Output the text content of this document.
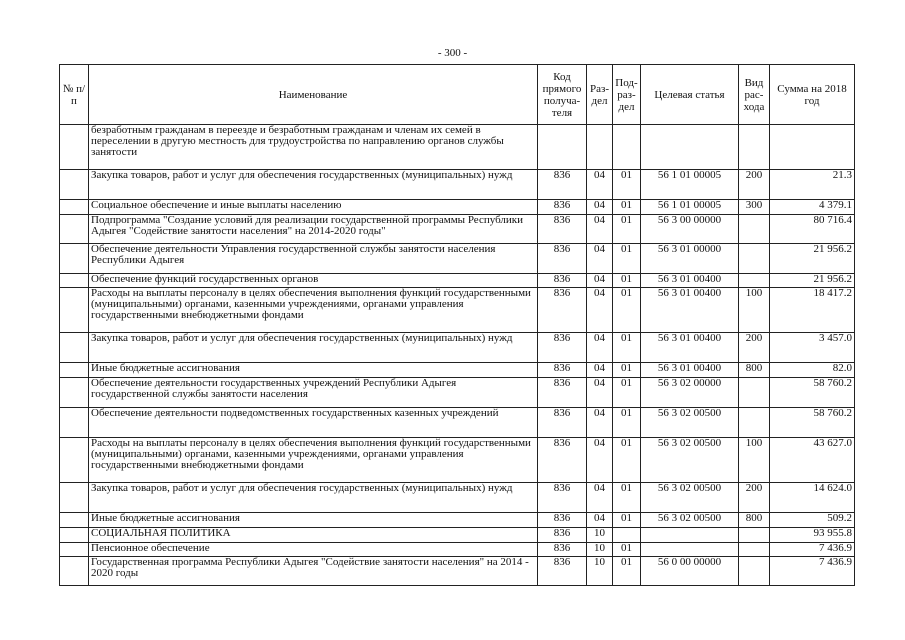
- 300 -
№ п/п	Наименование	Код прямого получа-теля	Раз-дел	Под-раз-дел	Целевая статья	Вид рас-хода	Сумма на 2018 год
	безработным гражданам в переезде и безработным гражданам и членам их семей в переселении в другую местность для трудоустройства по направлению органов службы занятости						
	Закупка товаров, работ и услуг для обеспечения государственных (муниципальных) нужд	836	04	01	56 1 01 00005	200	21.3
	Социальное обеспечение и иные выплаты населению	836	04	01	56 1 01 00005	300	4 379.1
	Подпрограмма "Создание условий для реализации государственной программы Республики Адыгея "Содействие занятости населения" на 2014-2020 годы"	836	04	01	56 3 00 00000		80 716.4
	Обеспечение деятельности Управления государственной службы занятости населения Республики Адыгея	836	04	01	56 3 01 00000		21 956.2
	Обеспечение функций государственных органов	836	04	01	56 3 01 00400		21 956.2
	Расходы на выплаты персоналу в целях обеспечения выполнения функций государственными (муниципальными) органами, казенными учреждениями, органами управления государственными внебюджетными фондами	836	04	01	56 3 01 00400	100	18 417.2
	Закупка товаров, работ и услуг для обеспечения государственных (муниципальных) нужд	836	04	01	56 3 01 00400	200	3 457.0
	Иные бюджетные ассигнования	836	04	01	56 3 01 00400	800	82.0
	Обеспечение деятельности государственных учреждений Республики Адыгея государственной службы занятости населения	836	04	01	56 3 02 00000		58 760.2
	Обеспечение деятельности подведомственных государственных казенных учреждений	836	04	01	56 3 02 00500		58 760.2
	Расходы на выплаты персоналу в целях обеспечения выполнения функций государственными (муниципальными) органами, казенными учреждениями, органами управления государственными внебюджетными фондами	836	04	01	56 3 02 00500	100	43 627.0
	Закупка товаров, работ и услуг для обеспечения государственных (муниципальных) нужд	836	04	01	56 3 02 00500	200	14 624.0
	Иные бюджетные ассигнования	836	04	01	56 3 02 00500	800	509.2
	СОЦИАЛЬНАЯ ПОЛИТИКА	836	10				93 955.8
	Пенсионное обеспечение	836	10	01			7 436.9
	Государственная программа Республики Адыгея "Содействие занятости населения" на 2014 - 2020 годы	836	10	01	56 0 00 00000		7 436.9
